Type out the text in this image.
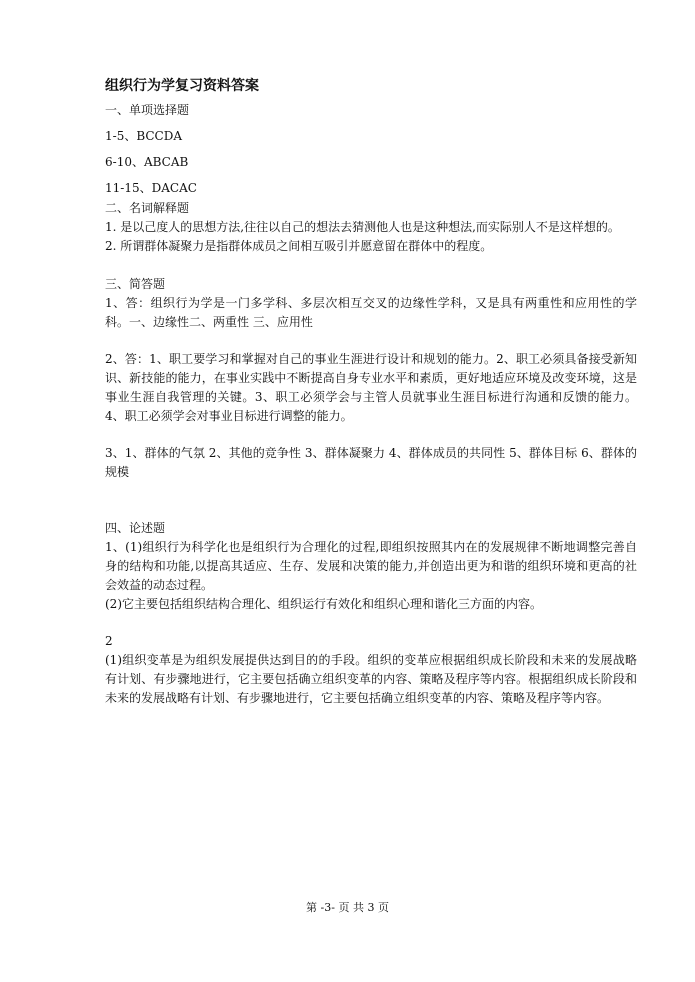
组织行为学复习资料答案

一、单项选择题

1-5、BCCDA

6-10、ABCAB

11-15、DACAC

二、名词解释题

1. 是以己度人的思想方法,往往以自己的想法去猜测他人也是这种想法,而实际别人不是这样想的。

2. 所谓群体凝聚力是指群体成员之间相互吸引并愿意留在群体中的程度。

三、简答题

1、答：组织行为学是一门多学科、多层次相互交叉的边缘性学科，又是具有两重性和应用性的学科。一、边缘性二、两重性 三、应用性

2、答：1、职工要学习和掌握对自己的事业生涯进行设计和规划的能力。2、职工必须具备接受新知识、新技能的能力，在事业实践中不断提高自身专业水平和素质，更好地适应环境及改变环境，这是事业生涯自我管理的关键。3、职工必须学会与主管人员就事业生涯目标进行沟通和反馈的能力。 4、职工必须学会对事业目标进行调整的能力。

3、1、群体的气氛 2、其他的竞争性 3、群体凝聚力 4、群体成员的共同性 5、群体目标 6、群体的规模

四、论述题

1、(1)组织行为科学化也是组织行为合理化的过程,即组织按照其内在的发展规律不断地调整完善自身的结构和功能,以提高其适应、生存、发展和决策的能力,并创造出更为和谐的组织环境和更高的社会效益的动态过程。

(2)它主要包括组织结构合理化、组织运行有效化和组织心理和谐化三方面的内容。

2

(1)组织变革是为组织发展提供达到目的的手段。组织的变革应根据组织成长阶段和未来的发展战略有计划、有步骤地进行，它主要包括确立组织变革的内容、策略及程序等内容。根据组织成长阶段和未来的发展战略有计划、有步骤地进行，它主要包括确立组织变革的内容、策略及程序等内容。

第 -3- 页 共 3 页
